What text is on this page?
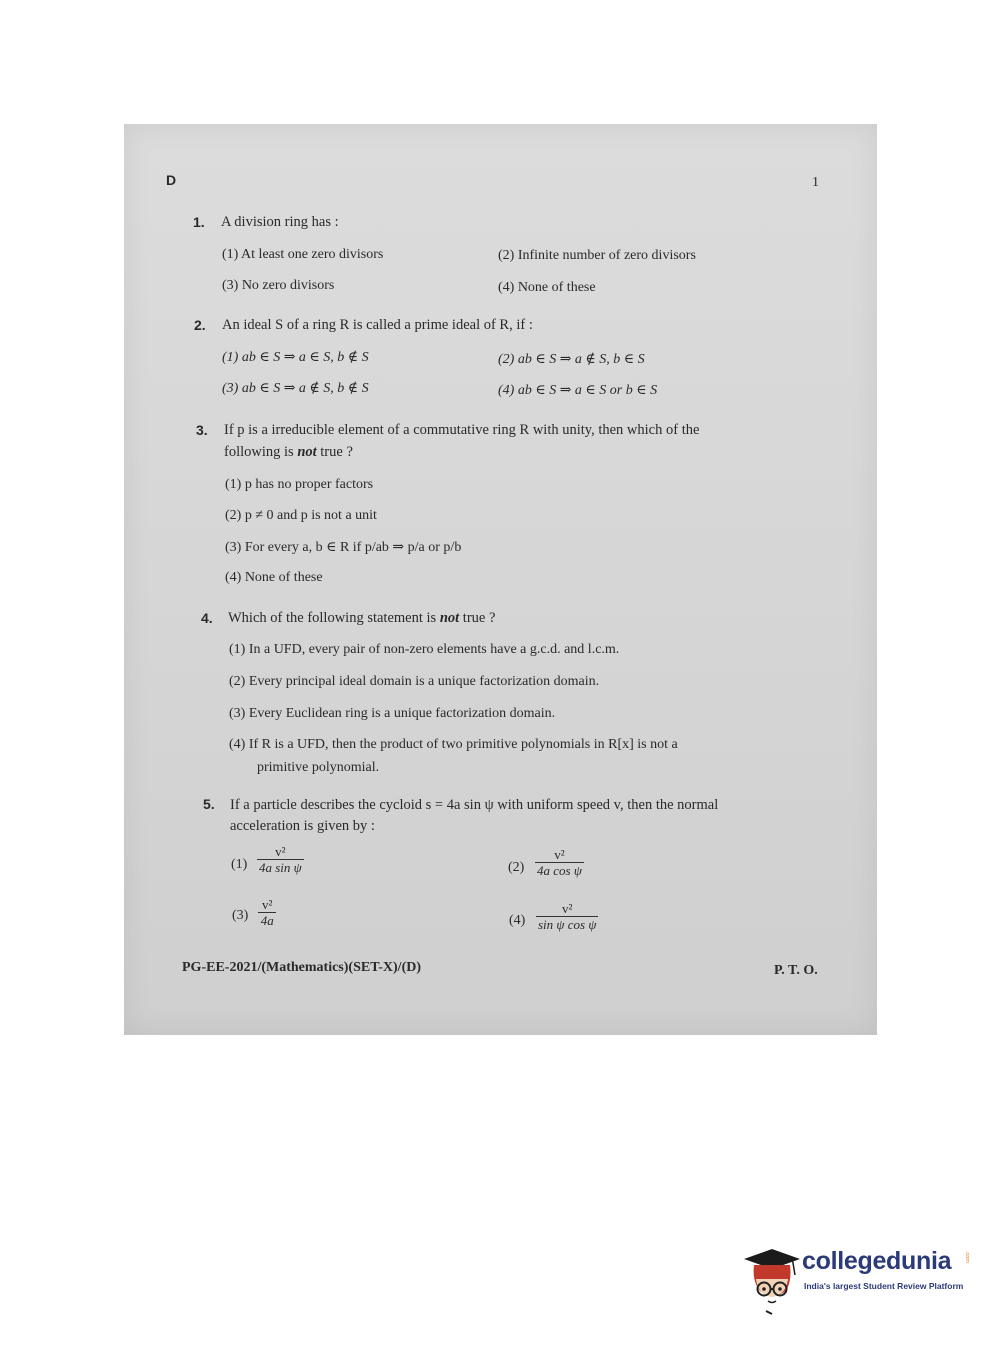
D	1
1. A division ring has :
(1) At least one zero divisors	(2) Infinite number of zero divisors
(3) No zero divisors	(4) None of these
2. An ideal S of a ring R is called a prime ideal of R, if :
(1) ab ∈ S ⇒ a ∈ S, b ∉ S	(2) ab ∈ S ⇒ a ∉ S, b ∈ S
(3) ab ∈ S ⇒ a ∉ S, b ∉ S	(4) ab ∈ S ⇒ a ∈ S or b ∈ S
3. If p is a irreducible element of a commutative ring R with unity, then which of the
following is not true ?
(1) p has no proper factors
(2) p ≠ 0 and p is not a unit
(3) For every a, b ∈ R if p/ab ⇒ p/a or p/b
(4) None of these
4. Which of the following statement is not true ?
(1) In a UFD, every pair of non-zero elements have a g.c.d. and l.c.m.
(2) Every principal ideal domain is a unique factorization domain.
(3) Every Euclidean ring is a unique factorization domain.
(4) If R is a UFD, then the product of two primitive polynomials in R[x] is not a
primitive polynomial.
5. If a particle describes the cycloid s = 4a sin ψ with uniform speed v, then the normal
acceleration is given by :
(1)
v²
4a sin ψ	(2)
v²
4a cos ψ
(3)
v²
4a	(4)
v²
sin ψ cos ψ
PG-EE-2021/(Mathematics)(SET-X)/(D)	P. T. O.
collegedunia .com
India's largest Student Review Platform
